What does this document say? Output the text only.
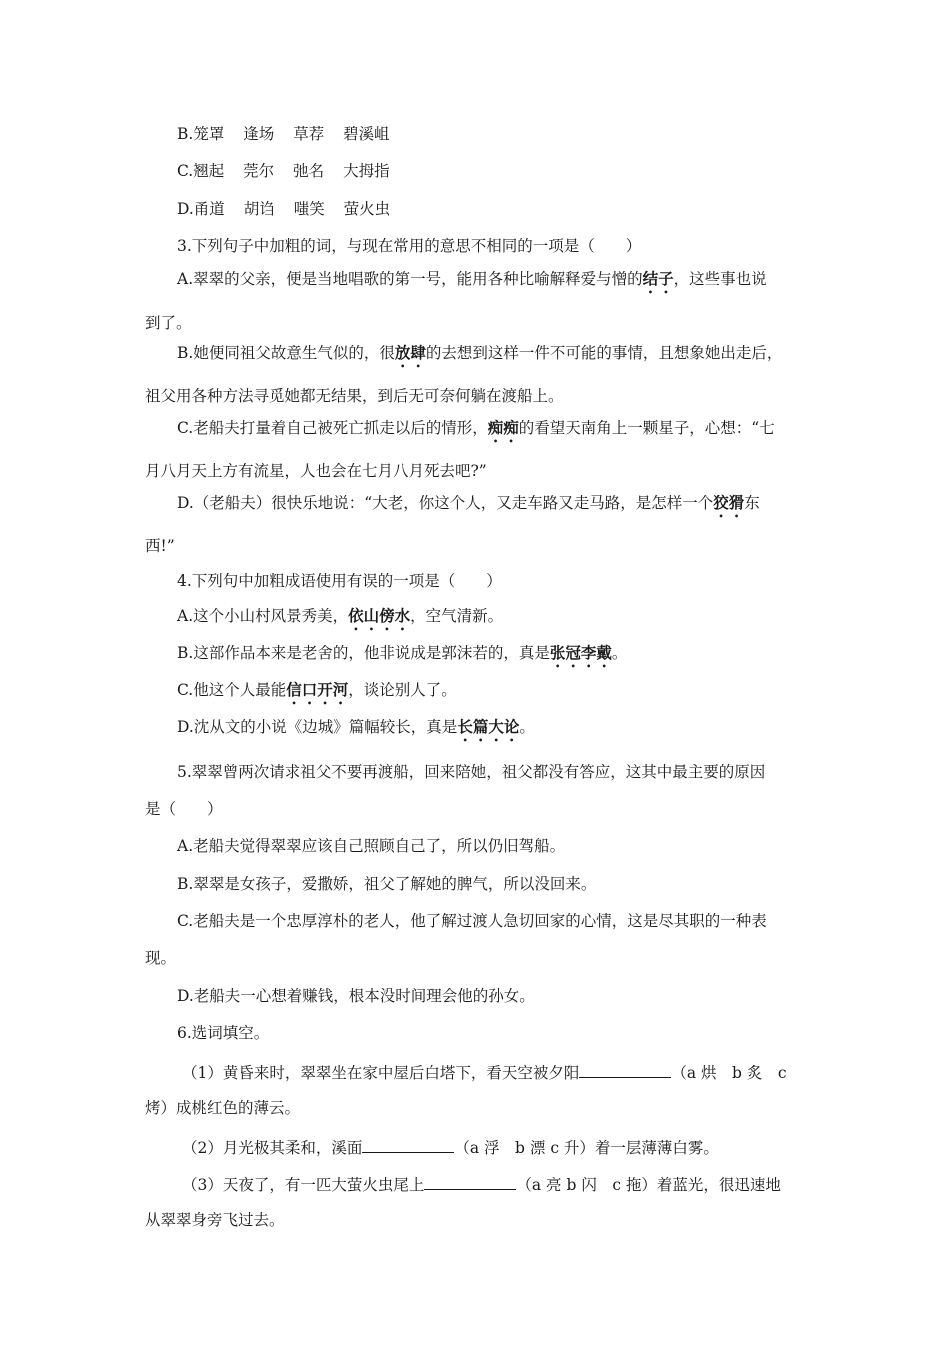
B.笼罩 逢场 草荐 碧溪岨
C.翘起 莞尔 弛名 大拇指
D.甬道 胡诌 嗤笑 萤火虫
3.下列句子中加粗的词，与现在常用的意思不相同的一项是（　　）
A.翠翠的父亲，便是当地唱歌的第一号，能用各种比喻解释爱与憎的结子，这些事也说
到了。
B.她便同祖父故意生气似的，很放肆的去想到这样一件不可能的事情，且想象她出走后，
祖父用各种方法寻觅她都无结果，到后无可奈何躺在渡船上。
C.老船夫打量着自己被死亡抓走以后的情形，痴痴的看望天南角上一颗星子，心想：“七
月八月天上方有流星，人也会在七月八月死去吧?”
D.（老船夫）很快乐地说：“大老，你这个人，又走车路又走马路，是怎样一个狡猾东
西!”
4.下列句中加粗成语使用有误的一项是（　　）
A.这个小山村风景秀美，依山傍水，空气清新。
B.这部作品本来是老舍的，他非说成是郭沫若的，真是张冠李戴。
C.他这个人最能信口开河，谈论别人了。
D.沈从文的小说《边城》篇幅较长，真是长篇大论。
5.翠翠曾两次请求祖父不要再渡船，回来陪她，祖父都没有答应，这其中最主要的原因
是（　　）
A.老船夫觉得翠翠应该自己照顾自己了，所以仍旧驾船。
B.翠翠是女孩子，爱撒娇，祖父了解她的脾气，所以没回来。
C.老船夫是一个忠厚淳朴的老人，他了解过渡人急切回家的心情，这是尽其职的一种表
现。
D.老船夫一心想着赚钱，根本没时间理会他的孙女。
6.选词填空。
（1）黄昏来时，翠翠坐在家中屋后白塔下，看天空被夕阳	（a 烘　b 炙　c
烤）成桃红色的薄云。
（2）月光极其柔和，溪面	（a 浮　b 漂 c 升）着一层薄薄白雾。
（3）天夜了，有一匹大萤火虫尾上	（a 亮 b 闪　c 拖）着蓝光，很迅速地
从翠翠身旁飞过去。
